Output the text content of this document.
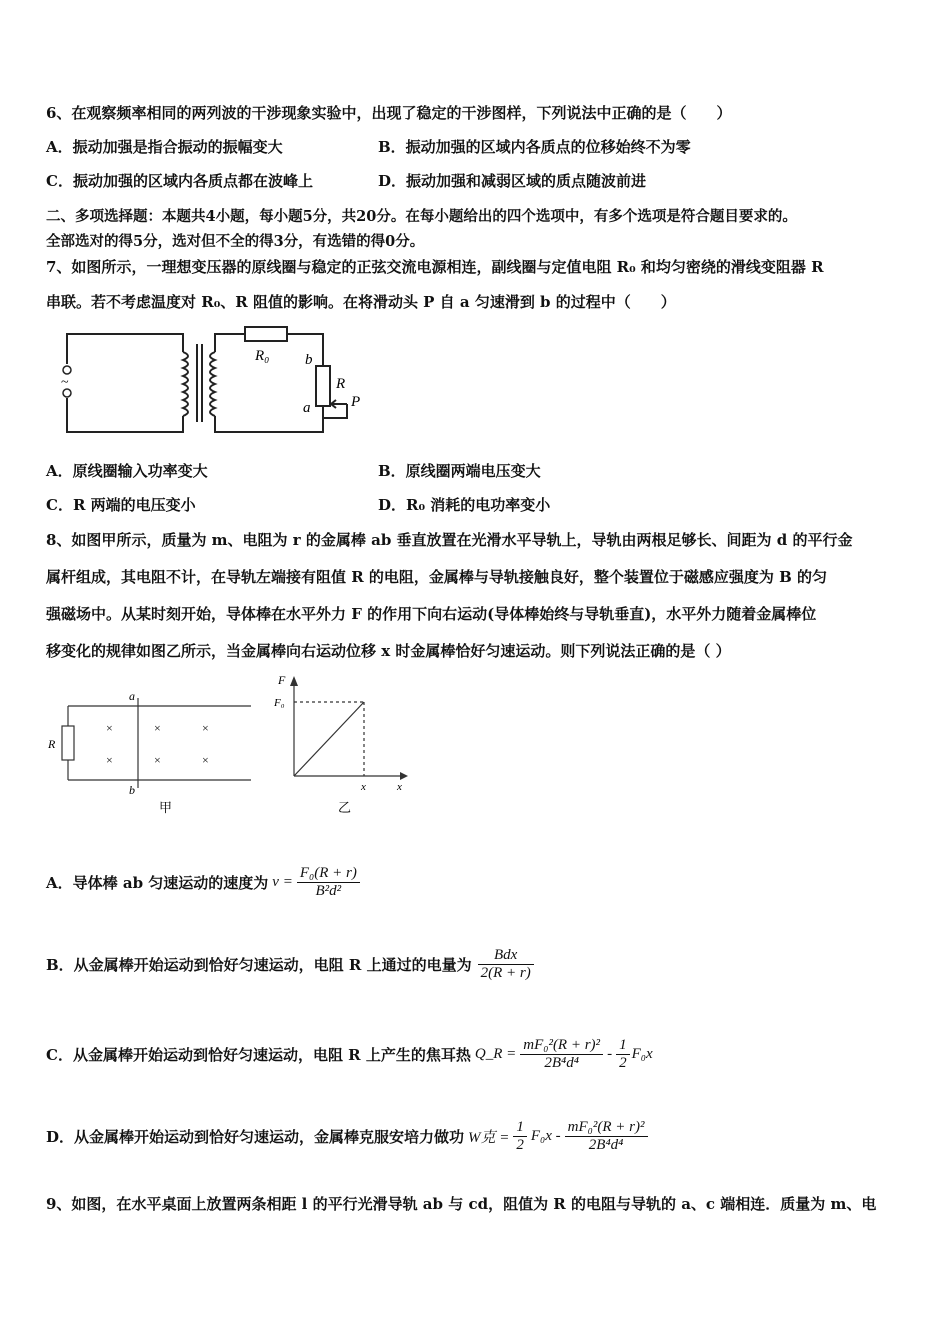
6、在观察频率相同的两列波的干涉现象实验中，出现了稳定的干涉图样，下列说法中正确的是（　　）
A．振动加强是指合振动的振幅变大	B．振动加强的区域内各质点的位移始终不为零
C．振动加强的区域内各质点都在波峰上	D．振动加强和减弱区域的质点随波前进
二、多项选择题：本题共4小题，每小题5分，共20分。在每小题给出的四个选项中，有多个选项是符合题目要求的。
全部选对的得5分，选对但不全的得3分，有选错的得0分。
7、如图所示，一理想变压器的原线圈与稳定的正弦交流电源相连，副线圈与定值电阻 R₀ 和均匀密绕的滑线变阻器 R
串联。若不考虑温度对 R₀、R 阻值的影响。在将滑动头 P 自 a 匀速滑到 b 的过程中（　　）
~
R₀ b
R
a	P
A．原线圈输入功率变大	B．原线圈两端电压变大
C．R 两端的电压变小	D．R₀ 消耗的电功率变小
8、如图甲所示，质量为 m、电阻为 r 的金属棒 ab 垂直放置在光滑水平导轨上，导轨由两根足够长、间距为 d 的平行金
属杆组成，其电阻不计，在导轨左端接有阻值 R 的电阻，金属棒与导轨接触良好，整个装置位于磁感应强度为 B 的匀
强磁场中。从某时刻开始，导体棒在水平外力 F 的作用下向右运动(导体棒始终与导轨垂直)，水平外力随着金属棒位
移变化的规律如图乙所示，当金属棒向右运动位移 x 时金属棒恰好匀速运动。则下列说法正确的是（ ）
a
b
R
×	×	×
×	×	×
甲
F
F₀
x	x
乙
A．导体棒 ab 匀速运动的速度为 $v = \frac{\text{F₀(R + r)}}{\text{B²d²}}$
B．从金属棒开始运动到恰好匀速运动，电阻 R 上通过的电量为 $\frac{\text{Bdx}}{2(R + r)}$
C．从金属棒开始运动到恰好匀速运动，电阻 R 上产生的焦耳热 Q_R = $\frac{\text{mF₀²(R + r)²}}{\text{2B⁴d⁴}} - \frac{1}{2} F_0x$
D．从金属棒开始运动到恰好匀速运动，金属棒克服安培力做功 W克 = $\frac{1}{2} F_0x - \frac{\text{mF₀²(R + r)²}}{\text{2B⁴d⁴}}$
9、如图，在水平桌面上放置两条相距 l 的平行光滑导轨 ab 与 cd，阻值为 R 的电阻与导轨的 a、c 端相连．质量为 m、电
